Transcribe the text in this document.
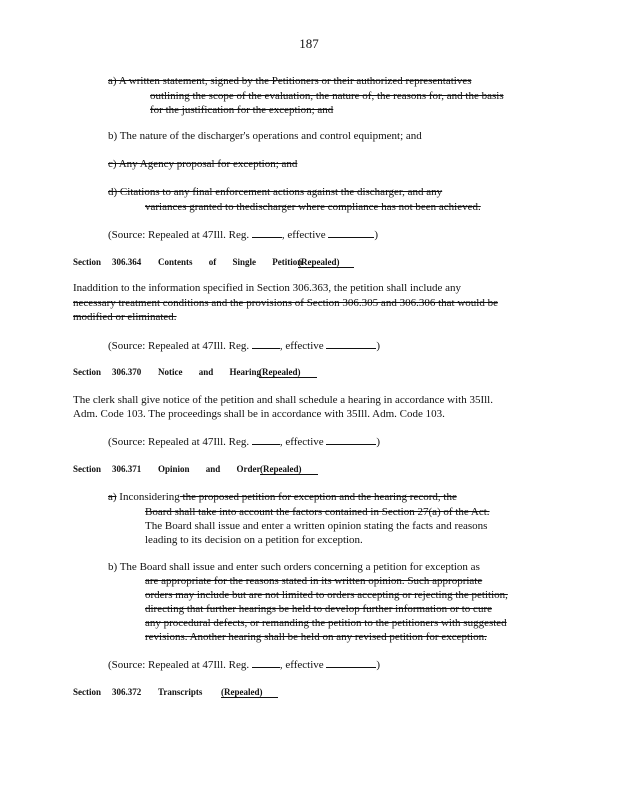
187
a) A written statement, signed by the Petitioners or their authorized representatives
outlining the scope of the evaluation, the nature of, the reasons for, and the basis
for the justification for the exception; and
b) The nature of the discharger's operations and control equipment; and
c) Any Agency proposal for exception; and
d) Citations to any final enforcement actions against the discharger, and any
variances granted to thedischarger where compliance has not been achieved.
(Source: Repealed at 47Ill. Reg.	, effective	)
Section 306.364 Contents of Single Petition
(Repealed)
Inaddition to the information specified in Section 306.363, the petition shall include any
necessary treatment conditions and the provisions of Section 306.305 and 306.306 that would be
modified or eliminated.
(Source: Repealed at 47Ill. Reg.	, effective	)
Section 306.370 Notice and Hearing
(Repealed)
The clerk shall give notice of the petition and shall schedule a hearing in accordance with 35Ill.
Adm. Code 103. The proceedings shall be in accordance with 35Ill. Adm. Code 103.
(Source: Repealed at 47Ill. Reg.	, effective	)
Section 306.371 Opinion and Order (Repealed)
a) Inconsidering the proposed petition for exception and the hearing record, the
Board shall take into account the factors contained in Section 27(a) of the Act.
The Board shall issue and enter a written opinion stating the facts and reasons
leading to its decision on a petition for exception.
b) The Board shall issue and enter such orders concerning a petition for exception as
are appropriate for the reasons stated in its written opinion. Such appropriate
orders may include but are not limited to orders accepting or rejecting the petition,
directing that further hearings be held to develop further information or to cure
any procedural defects, or remanding the petition to the petitioners with suggested
revisions. Another hearing shall be held on any revised petition for exception.
(Source: Repealed at 47Ill. Reg.	, effective	)
Section 306.372 Transcripts (Repealed)
